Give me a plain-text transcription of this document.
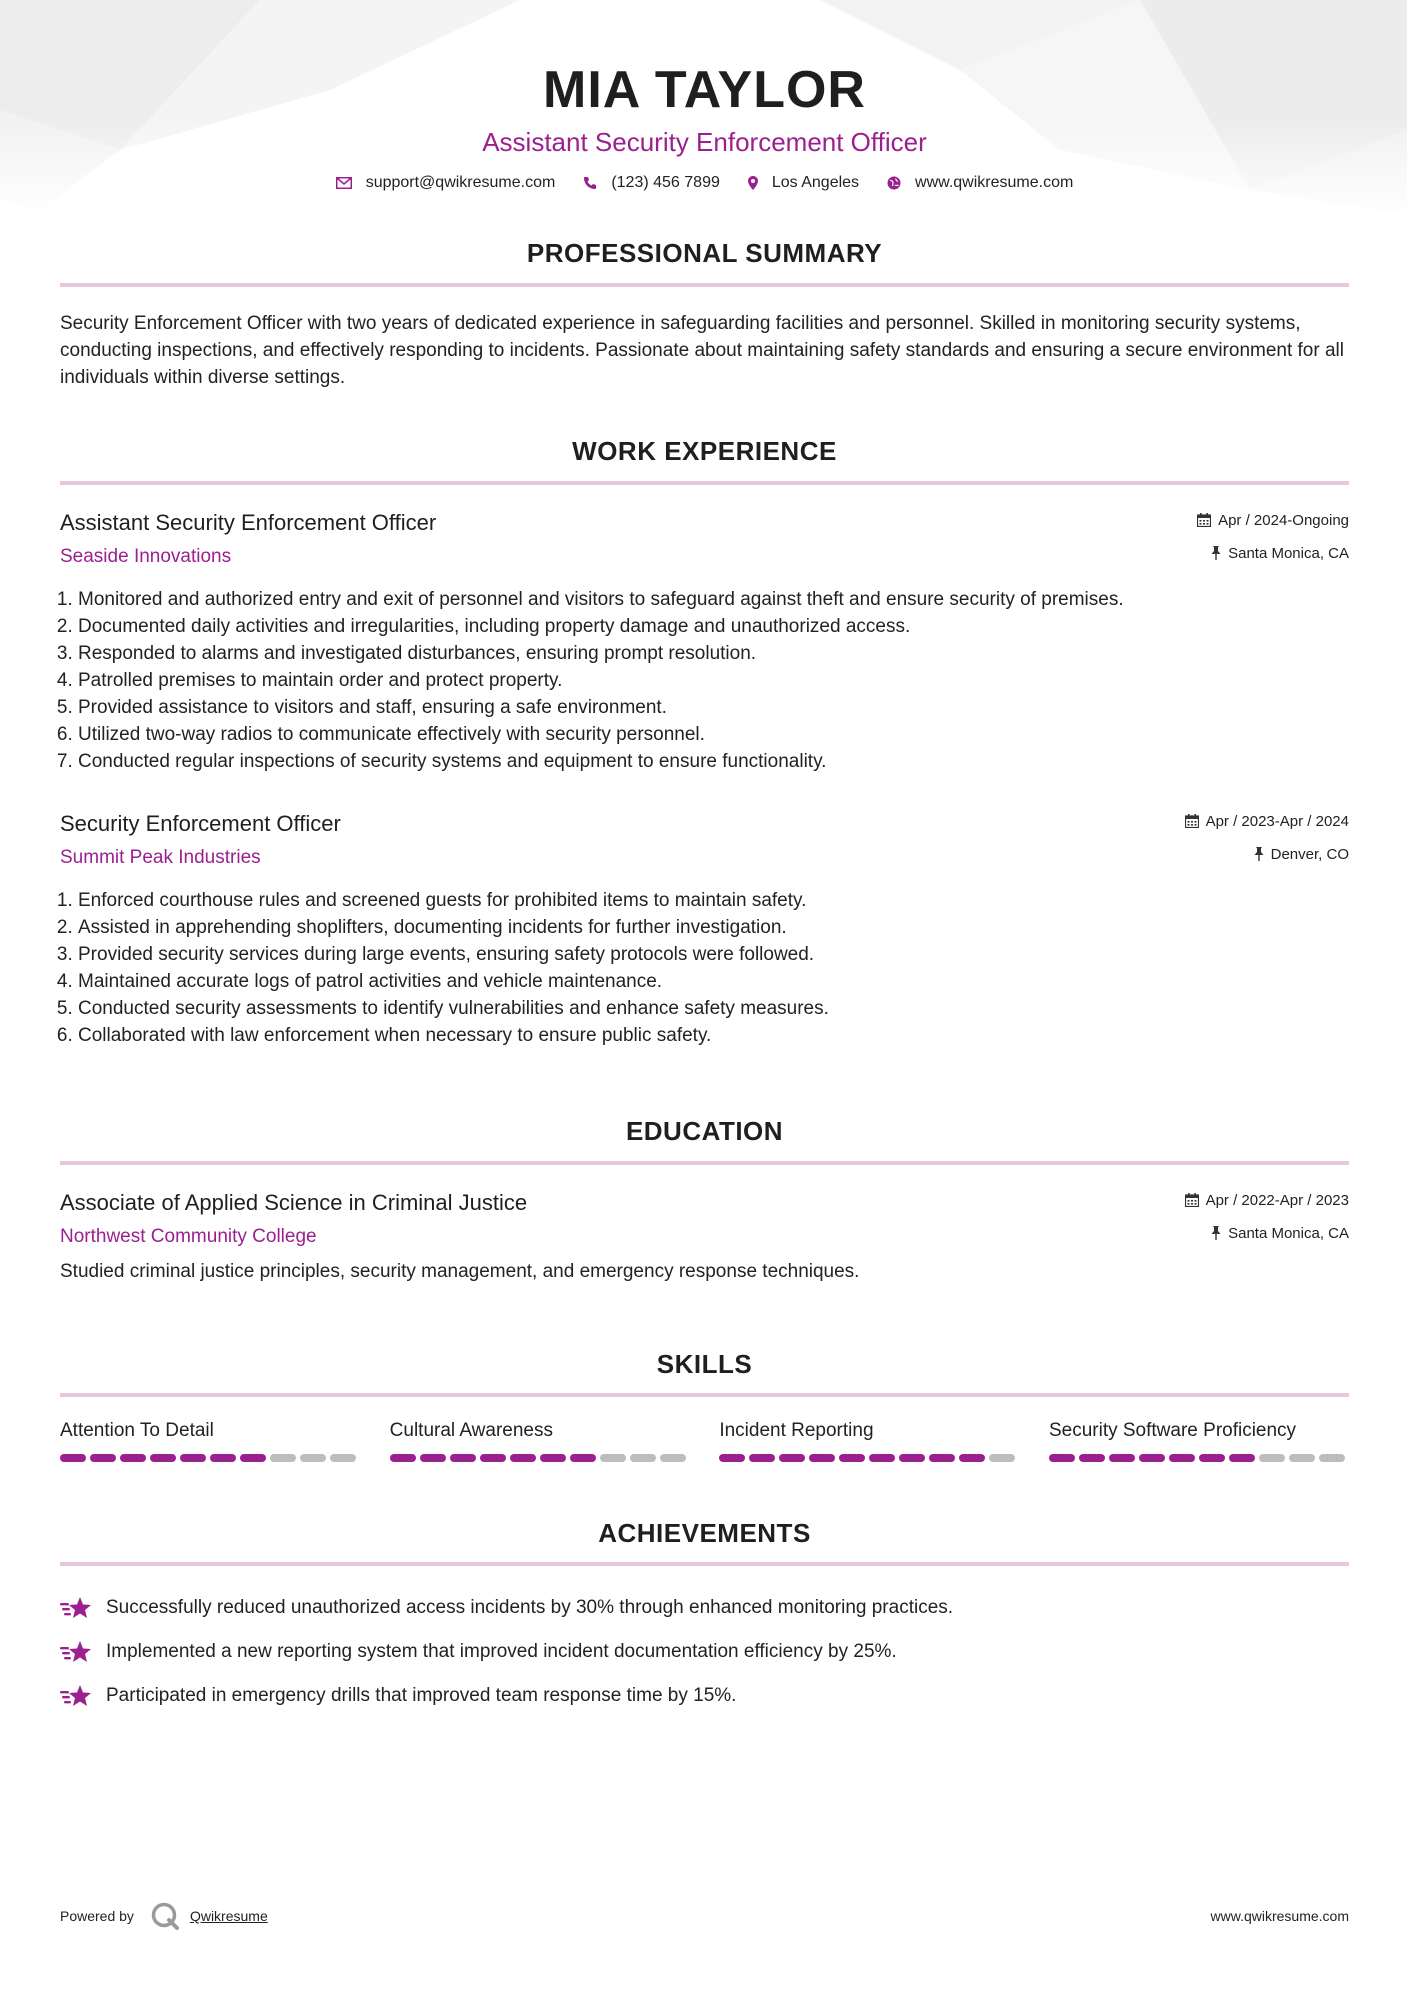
MIA TAYLOR
Assistant Security Enforcement Officer
support@qwikresume.com	(123) 456 7899	Los Angeles	www.qwikresume.com
PROFESSIONAL SUMMARY
Security Enforcement Officer with two years of dedicated experience in safeguarding facilities and personnel. Skilled in monitoring security systems, conducting inspections, and effectively responding to incidents. Passionate about maintaining safety standards and ensuring a secure environment for all individuals within diverse settings.
WORK EXPERIENCE
Assistant Security Enforcement Officer
Seaside Innovations
Apr / 2024-Ongoing
Santa Monica, CA
1. Monitored and authorized entry and exit of personnel and visitors to safeguard against theft and ensure security of premises.
2. Documented daily activities and irregularities, including property damage and unauthorized access.
3. Responded to alarms and investigated disturbances, ensuring prompt resolution.
4. Patrolled premises to maintain order and protect property.
5. Provided assistance to visitors and staff, ensuring a safe environment.
6. Utilized two-way radios to communicate effectively with security personnel.
7. Conducted regular inspections of security systems and equipment to ensure functionality.
Security Enforcement Officer
Summit Peak Industries
Apr / 2023-Apr / 2024
Denver, CO
1. Enforced courthouse rules and screened guests for prohibited items to maintain safety.
2. Assisted in apprehending shoplifters, documenting incidents for further investigation.
3. Provided security services during large events, ensuring safety protocols were followed.
4. Maintained accurate logs of patrol activities and vehicle maintenance.
5. Conducted security assessments to identify vulnerabilities and enhance safety measures.
6. Collaborated with law enforcement when necessary to ensure public safety.
EDUCATION
Associate of Applied Science in Criminal Justice
Northwest Community College
Studied criminal justice principles, security management, and emergency response techniques.
Apr / 2022-Apr / 2023
Santa Monica, CA
SKILLS
Attention To Detail	Cultural Awareness	Incident Reporting	Security Software Proficiency
ACHIEVEMENTS
Successfully reduced unauthorized access incidents by 30% through enhanced monitoring practices.
Implemented a new reporting system that improved incident documentation efficiency by 25%.
Participated in emergency drills that improved team response time by 15%.
Powered by	Qwikresume	www.qwikresume.com
